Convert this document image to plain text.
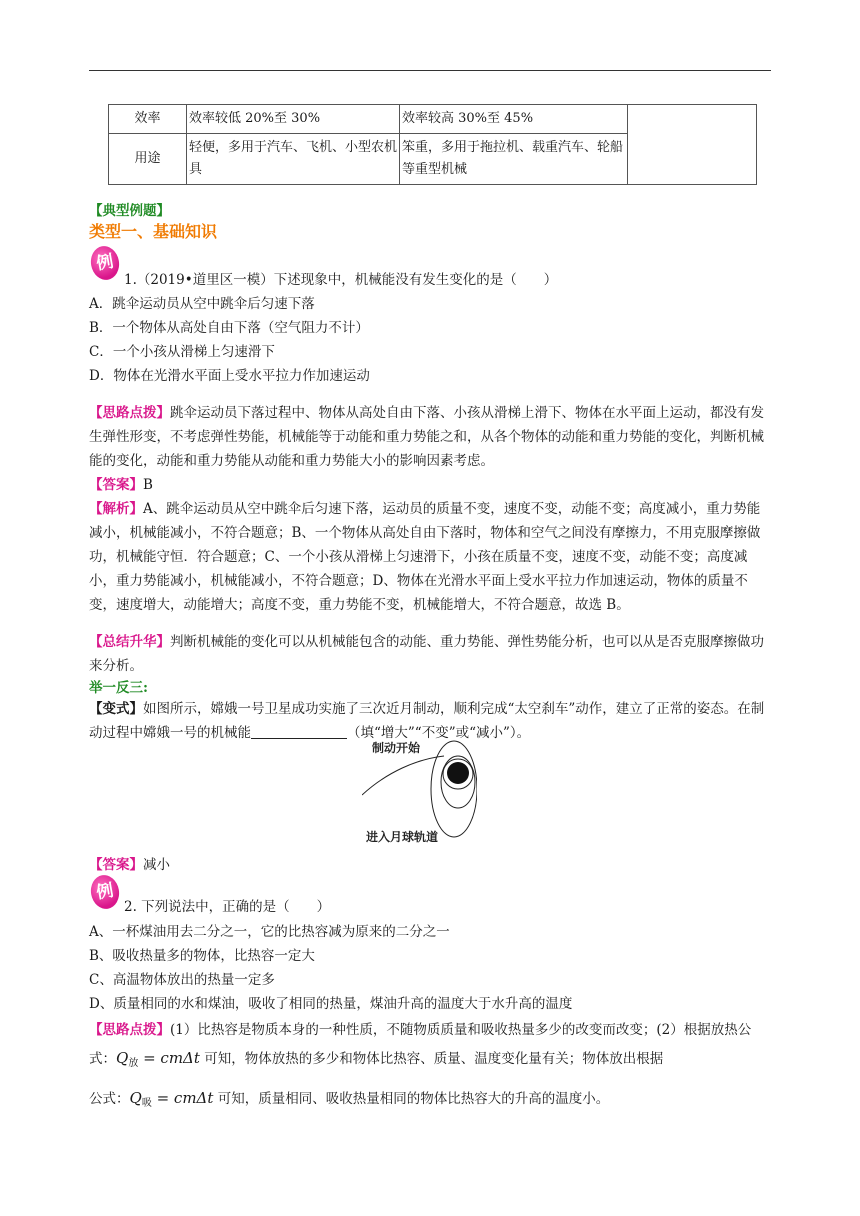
效率	效率较低 20%至 30%	效率较高 30%至 45%	
用途	轻便，多用于汽车、飞机、小型农机具	笨重，多用于拖拉机、载重汽车、轮船等重型机械	
【典型例题】
类型一、基础知识
例
1.（2019•道里区一模）下述现象中，机械能没有发生变化的是（　　）
A．跳伞运动员从空中跳伞后匀速下落
B．一个物体从高处自由下落（空气阻力不计）
C．一个小孩从滑梯上匀速滑下
D．物体在光滑水平面上受水平拉力作加速运动

【思路点拨】跳伞运动员下落过程中、物体从高处自由下落、小孩从滑梯上滑下、物体在水平面上运动，都没有发生弹性形变，不考虑弹性势能，机械能等于动能和重力势能之和，从各个物体的动能和重力势能的变化，判断机械能的变化，动能和重力势能从动能和重力势能大小的影响因素考虑。

【答案】B

【解析】A、跳伞运动员从空中跳伞后匀速下落，运动员的质量不变，速度不变，动能不变；高度减小，重力势能减小，机械能减小，不符合题意；B、一个物体从高处自由下落时，物体和空气之间没有摩擦力，不用克服摩擦做功，机械能守恒．符合题意；C、一个小孩从滑梯上匀速滑下，小孩在质量不变，速度不变，动能不变；高度减小，重力势能减小，机械能减小，不符合题意；D、物体在光滑水平面上受水平拉力作加速运动，物体的质量不变，速度增大，动能增大；高度不变，重力势能不变，机械能增大，不符合题意，故选 B。

【总结升华】判断机械能的变化可以从机械能包含的动能、重力势能、弹性势能分析，也可以从是否克服摩擦做功来分析。

举一反三:

【变式】如图所示，嫦娥一号卫星成功实施了三次近月制动，顺利完成“太空刹车”动作，建立了正常的姿态。在制动过程中嫦娥一号的机械能	（填“增大”“不变”或“减小”）。

制动开始
进入月球轨道

【答案】减小

例
2. 下列说法中，正确的是（　　）
A、一杯煤油用去二分之一，它的比热容减为原来的二分之一
B、吸收热量多的物体，比热容一定大
C、高温物体放出的热量一定多
D、质量相同的水和煤油，吸收了相同的热量，煤油升高的温度大于水升高的温度

【思路点拨】(1）比热容是物质本身的一种性质，不随物质质量和吸收热量多少的改变而改变；(2）根据放热公式：$Q_放 = cm\Delta t$ 可知，物体放热的多少和物体比热容、质量、温度变化量有关；物体放出根据

公式：$Q_吸 = cm\Delta t$ 可知，质量相同、吸收热量相同的物体比热容大的升高的温度小。
